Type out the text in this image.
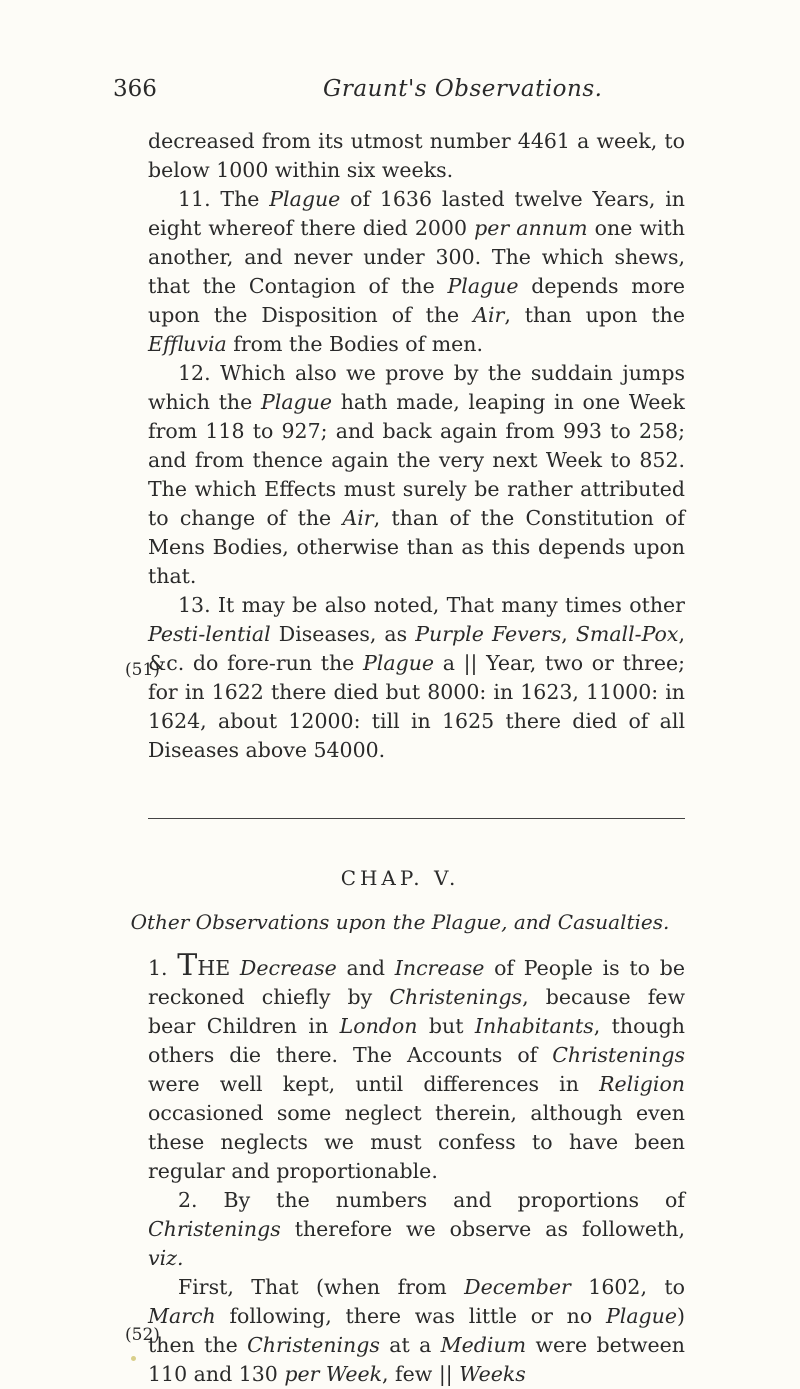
366	Graunt's Observations.

decreased from its utmost number 4461 a week, to below 1000 within six weeks.

11. The Plague of 1636 lasted twelve Years, in eight whereof there died 2000 per annum one with another, and never under 300. The which shews, that the Contagion of the Plague depends more upon the Disposition of the Air, than upon the Effluvia from the Bodies of men.

12. Which also we prove by the suddain jumps which the Plague hath made, leaping in one Week from 118 to 927; and back again from 993 to 258; and from thence again the very next Week to 852. The which Effects must surely be rather attributed to change of the Air, than of the Constitution of Mens Bodies, otherwise than as this depends upon that.

13. It may be also noted, That many times other Pesti-lential Diseases, as Purple Fevers, Small-Pox, &c. do fore-run the Plague a || Year, two or three; for in 1622 there died but 8000: in 1623, 11000: in 1624, about 12000: till in 1625 there died of all Diseases above 54000.

(51)
CHAP. V.
Other Observations upon the Plague, and Casualties.

1. THE Decrease and Increase of People is to be reckoned chiefly by Christenings, because few bear Children in London but Inhabitants, though others die there. The Accounts of Christenings were well kept, until differences in Religion occasioned some neglect therein, although even these neglects we must confess to have been regular and proportionable.

2. By the numbers and proportions of Christenings therefore we observe as followeth, viz.

First, That (when from December 1602, to March following, there was little or no Plague) then the Christenings at a Medium were between 110 and 130 per Week, few || Weeks

(52)
